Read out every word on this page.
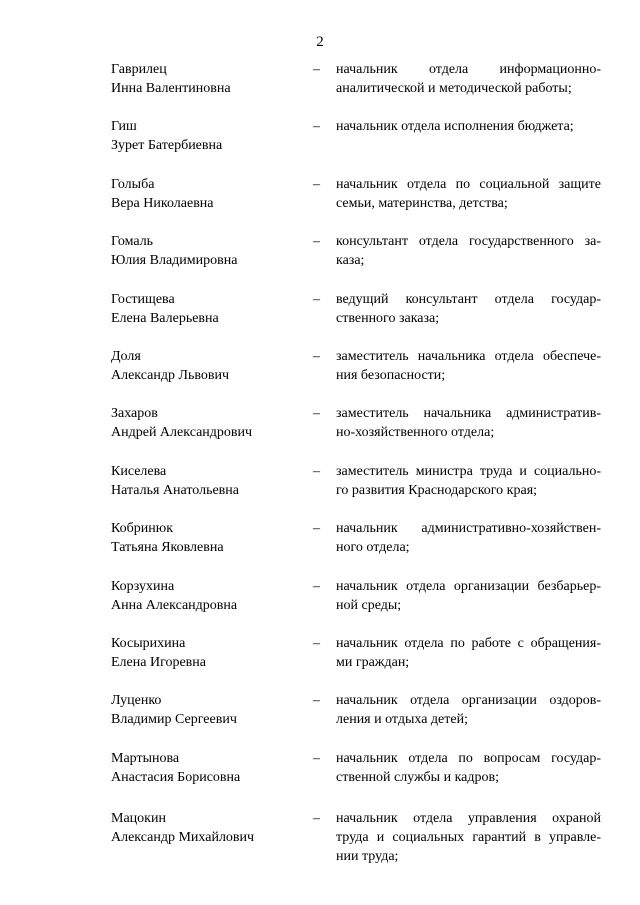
2
Гаврилец
Инна Валентиновна
– начальник отдела информационно-
аналитической и методической работы;
Гиш
Зурет Батербиевна
– начальник отдела исполнения бюджета;
Голыба
Вера Николаевна
– начальник отдела по социальной защите
семьи, материнства, детства;
Гомаль
Юлия Владимировна
– консультант отдела государственного за-
каза;
Гостищева
Елена Валерьевна
– ведущий консультант отдела государ-
ственного заказа;
Доля
Александр Львович
– заместитель начальника отдела обеспече-
ния безопасности;
Захаров
Андрей Александрович
– заместитель начальника административ-
но-хозяйственного отдела;
Киселева
Наталья Анатольевна
– заместитель министра труда и социально-
го развития Краснодарского края;
Кобринюк
Татьяна Яковлевна
– начальник административно-хозяйствен-
ного отдела;
Корзухина
Анна Александровна
– начальник отдела организации безбарьер-
ной среды;
Косырихина
Елена Игоревна
– начальник отдела по работе с обращения-
ми граждан;
Луценко
Владимир Сергеевич
– начальник отдела организации оздоров-
ления и отдыха детей;
Мартынова
Анастасия Борисовна
– начальник отдела по вопросам государ-
ственной службы и кадров;
Мацокин
Александр Михайлович
– начальник отдела управления охраной
труда и социальных гарантий в управле-
нии труда;
